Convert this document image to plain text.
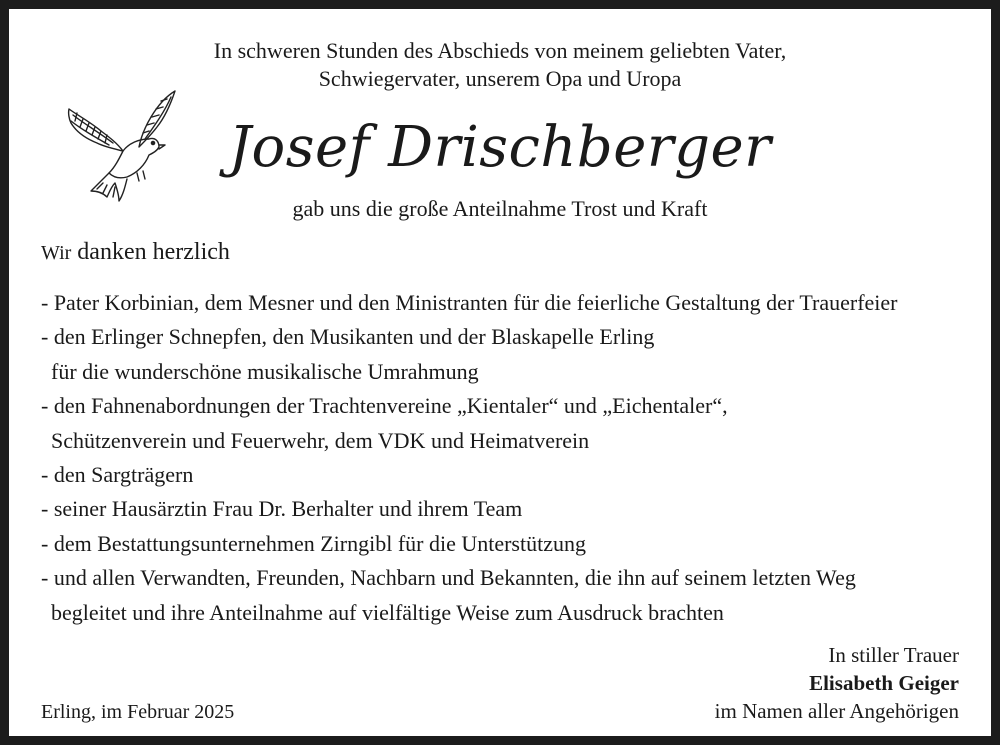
In schweren Stunden des Abschieds von meinem geliebten Vater,
Schwiegervater, unserem Opa und Uropa
Josef Drischberger
gab uns die große Anteilnahme Trost und Kraft
Wir danken herzlich
- Pater Korbinian, dem Mesner und den Ministranten für die feierliche Gestaltung der Trauerfeier
- den Erlinger Schnepfen, den Musikanten und der Blaskapelle Erling
für die wunderschöne musikalische Umrahmung
- den Fahnenabordnungen der Trachtenvereine „Kientaler“ und „Eichentaler“,
Schützenverein und Feuerwehr, dem VDK und Heimatverein
- den Sargträgern
- seiner Hausärztin Frau Dr. Berhalter und ihrem Team
- dem Bestattungsunternehmen Zirngibl für die Unterstützung
- und allen Verwandten, Freunden, Nachbarn und Bekannten, die ihn auf seinem letzten Weg
begleitet und ihre Anteilnahme auf vielfältige Weise zum Ausdruck brachten
Erling, im Februar 2025
In stiller Trauer
Elisabeth Geiger
im Namen aller Angehörigen
